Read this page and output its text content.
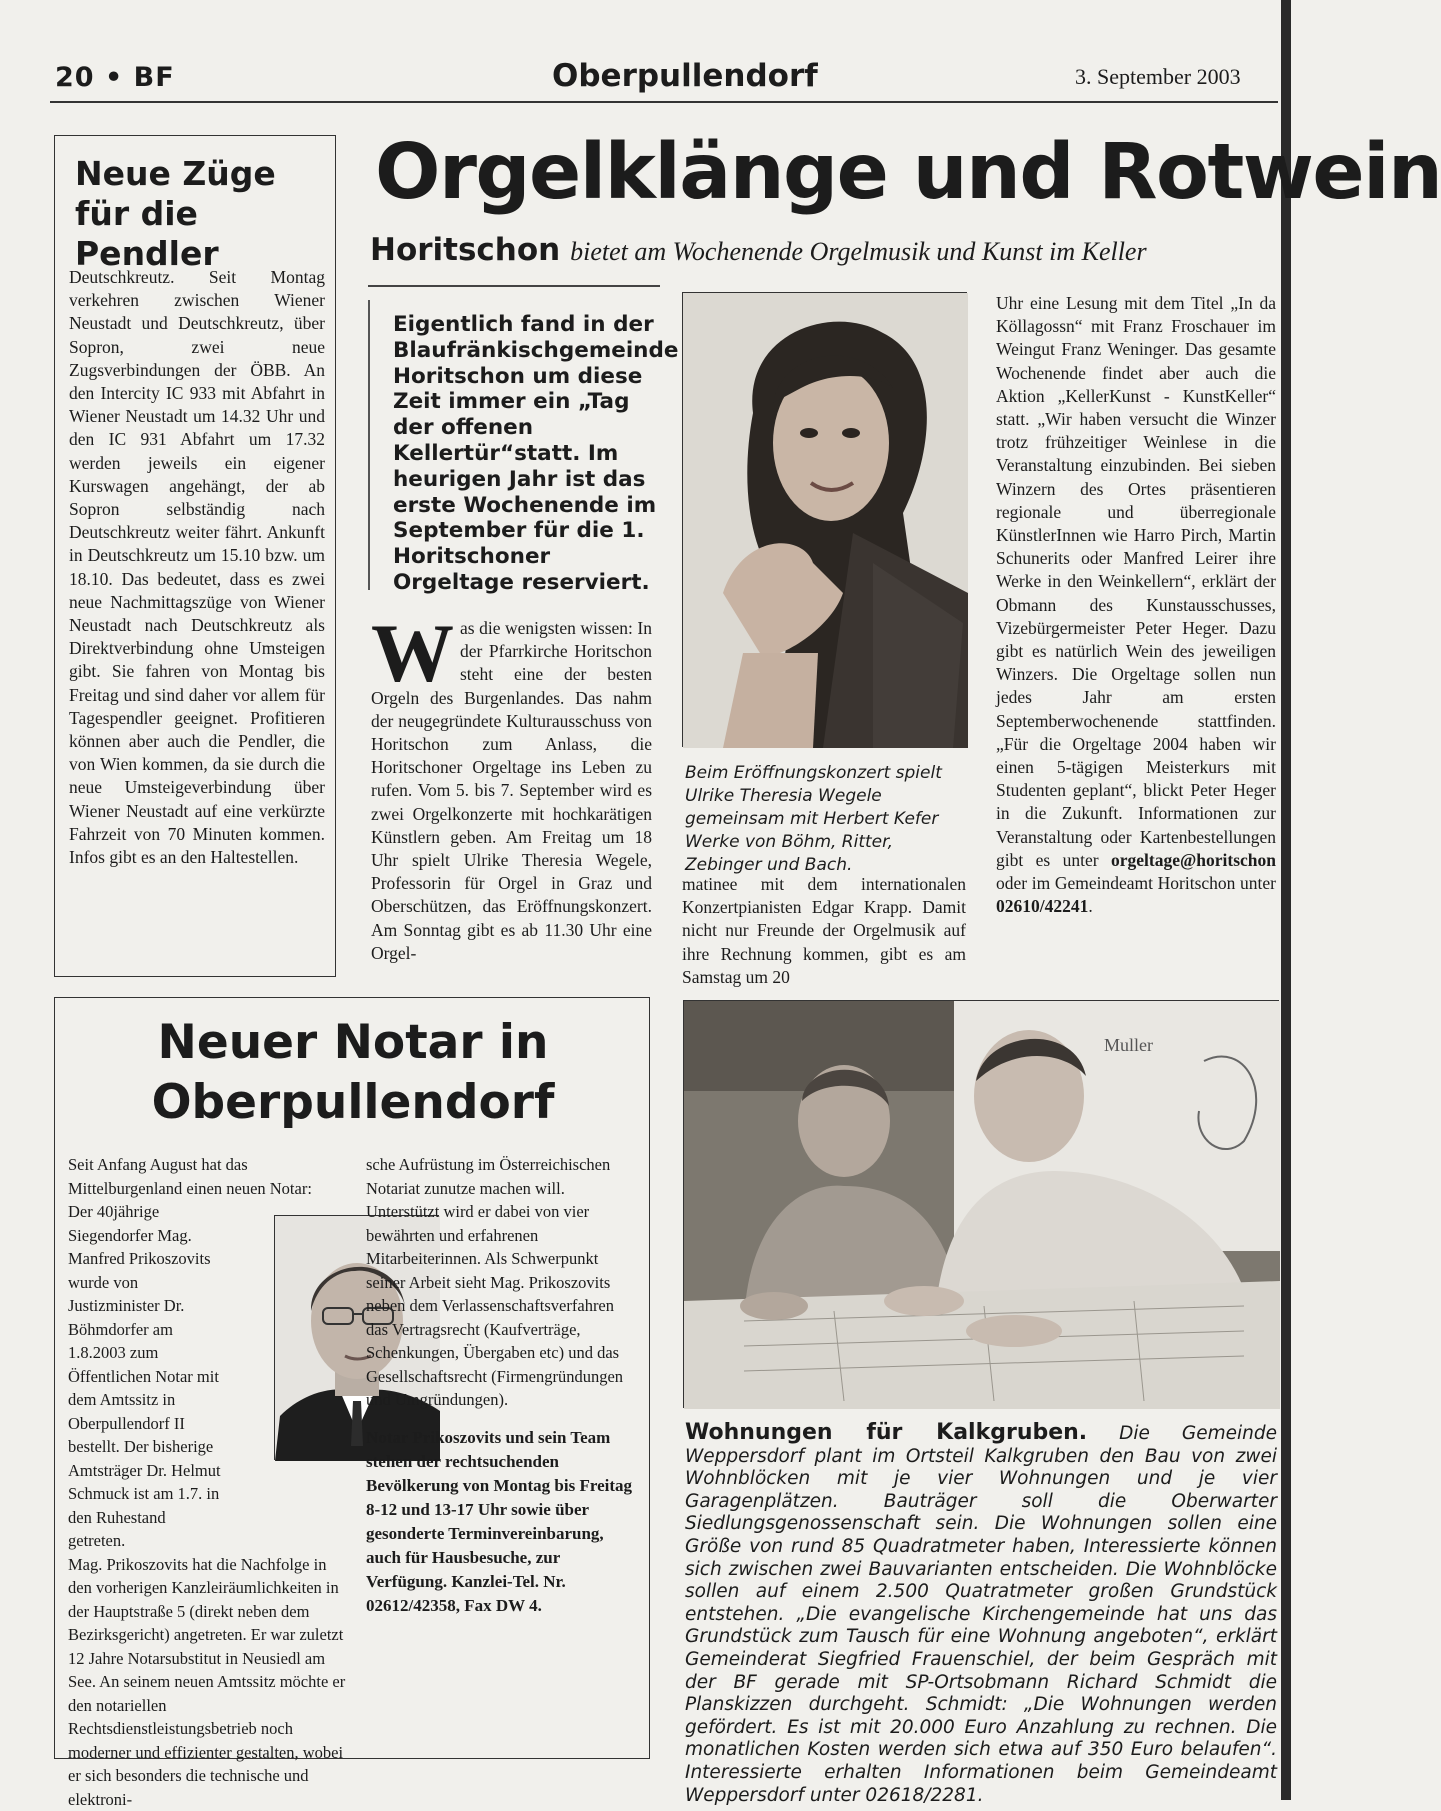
20 • BF	Oberpullendorf	3. September 2003
Neue Züge für die Pendler

Deutschkreutz. Seit Montag verkehren zwischen Wiener Neustadt und Deutschkreutz, über Sopron, zwei neue Zugsverbindungen der ÖBB. An den Intercity IC 933 mit Abfahrt in Wiener Neustadt um 14.32 Uhr und den IC 931 Abfahrt um 17.32 werden jeweils ein eigener Kurswagen angehängt, der ab Sopron selbständig nach Deutschkreutz weiter fährt. Ankunft in Deutschkreutz um 15.10 bzw. um 18.10. Das bedeutet, dass es zwei neue Nachmittagszüge von Wiener Neustadt nach Deutschkreutz als Direktverbindung ohne Umsteigen gibt. Sie fahren von Montag bis Freitag und sind daher vor allem für Tagespendler geeignet. Profitieren können aber auch die Pendler, die von Wien kommen, da sie durch die neue Umsteigeverbindung über Wiener Neustadt auf eine verkürzte Fahrzeit von 70 Minuten kommen. Infos gibt es an den Haltestellen.

Orgelklänge und Rotwein
Horitschon bietet am Wochenende Orgelmusik und Kunst im Keller
Eigentlich fand in der Blaufränkischgemeinde Horitschon um diese Zeit immer ein „Tag der offenen Kellertür“statt. Im heurigen Jahr ist das erste Wochenende im September für die 1. Horitschoner Orgeltage reserviert.
Was die wenigsten wissen: In der Pfarrkirche Horitschon steht eine der besten Orgeln des Burgenlandes. Das nahm der neugegründete Kulturausschuss von Horitschon zum Anlass, die Horitschoner Orgeltage ins Leben zu rufen. Vom 5. bis 7. September wird es zwei Orgelkonzerte mit hochkarätigen Künstlern geben. Am Freitag um 18 Uhr spielt Ulrike Theresia Wegele, Professorin für Orgel in Graz und Oberschützen, das Eröffnungskonzert. Am Sonntag gibt es ab 11.30 Uhr eine Orgel-
Beim Eröffnungskonzert spielt Ulrike Theresia Wegele gemeinsam mit Herbert Kefer Werke von Böhm, Ritter, Zebinger und Bach.
matinee mit dem internationalen Konzertpianisten Edgar Krapp. Damit nicht nur Freunde der Orgelmusik auf ihre Rechnung kommen, gibt es am Samstag um 20
Uhr eine Lesung mit dem Titel „In da Köllagossn“ mit Franz Froschauer im Weingut Franz Weninger. Das gesamte Wochenende findet aber auch die Aktion „KellerKunst - KunstKeller“ statt. „Wir haben versucht die Winzer trotz frühzeitiger Weinlese in die Veranstaltung einzubinden. Bei sieben Winzern des Ortes präsentieren regionale und überregionale KünstlerInnen wie Harro Pirch, Martin Schunerits oder Manfred Leirer ihre Werke in den Weinkellern“, erklärt der Obmann des Kunstausschusses, Vizebürgermeister Peter Heger. Dazu gibt es natürlich Wein des jeweiligen Winzers. Die Orgeltage sollen nun jedes Jahr am ersten Septemberwochenende stattfinden. „Für die Orgeltage 2004 haben wir einen 5-tägigen Meisterkurs mit Studenten geplant“, blickt Peter Heger in die Zukunft. Informationen zur Veranstaltung oder Kartenbestellungen gibt es unter orgeltage@horitschon oder im Gemeindeamt Horitschon unter 02610/42241.
Neuer Notar in
Oberpullendorf
Seit Anfang August hat das Mittelburgenland einen neuen Notar:
Der 40jährige Siegendorfer Mag. Manfred Prikoszovits wurde von Justizminister Dr. Böhmdorfer am 1.8.2003 zum Öffentlichen Notar mit dem Amtssitz in Oberpullendorf II bestellt. Der bisherige Amtsträger Dr. Helmut Schmuck ist am 1.7. in den Ruhestand getreten.
Mag. Prikoszovits hat die Nachfolge in den vorherigen Kanzleiräumlichkeiten in der Hauptstraße 5 (direkt neben dem Bezirksgericht) angetreten. Er war zuletzt 12 Jahre Notarsubstitut in Neusiedl am See. An seinem neuen Amtssitz möchte er den notariellen Rechtsdienstleistungsbetrieb noch moderner und effizienter gestalten, wobei er sich besonders die technische und elektroni-
sche Aufrüstung im Österreichischen Notariat zunutze machen will. Unterstützt wird er dabei von vier bewährten und erfahrenen Mitarbeiterinnen. Als Schwerpunkt seiner Arbeit sieht Mag. Prikoszovits neben dem Verlassenschaftsverfahren das Vertragsrecht (Kaufverträge, Schenkungen, Übergaben etc) und das Gesellschaftsrecht (Firmengründungen und Umgründungen).
Notar Prikoszovits und sein Team stehen der rechtsuchenden Bevölkerung von Montag bis Freitag 8-12 und 13-17 Uhr sowie über gesonderte Terminvereinbarung, auch für Hausbesuche, zur Verfügung. Kanzlei-Tel. Nr. 02612/42358, Fax DW 4.
Muller
Wohnungen für Kalkgruben. Die Gemeinde Weppersdorf plant im Ortsteil Kalkgruben den Bau von zwei Wohnblöcken mit je vier Wohnungen und je vier Garagenplätzen. Bauträger soll die Oberwarter Siedlungsgenossenschaft sein. Die Wohnungen sollen eine Größe von rund 85 Quadratmeter haben, Interessierte können sich zwischen zwei Bauvarianten entscheiden. Die Wohnblöcke sollen auf einem 2.500 Quatratmeter großen Grundstück entstehen. „Die evangelische Kirchengemeinde hat uns das Grundstück zum Tausch für eine Wohnung angeboten“, erklärt Gemeinderat Siegfried Frauenschiel, der beim Gespräch mit der BF gerade mit SP-Ortsobmann Richard Schmidt die Planskizzen durchgeht. Schmidt: „Die Wohnungen werden gefördert. Es ist mit 20.000 Euro Anzahlung zu rechnen. Die monatlichen Kosten werden sich etwa auf 350 Euro belaufen“. Interessierte erhalten Informationen beim Gemeindeamt Weppersdorf unter 02618/2281.
